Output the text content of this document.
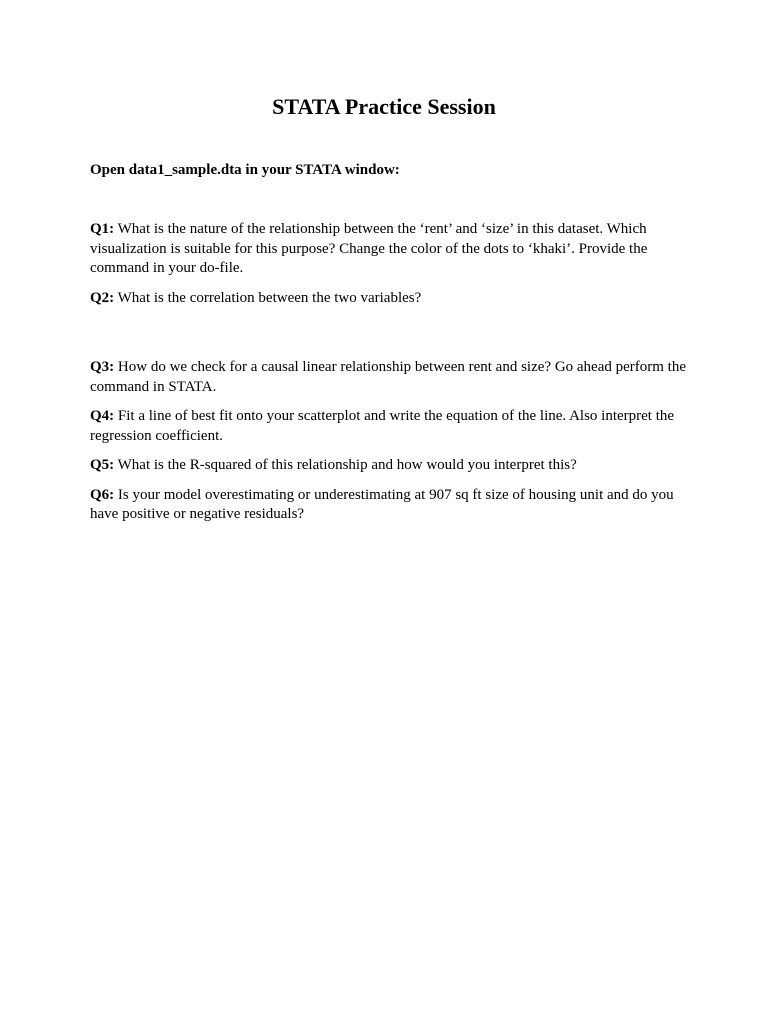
STATA Practice Session

Open data1_sample.dta in your STATA window:

Q1: What is the nature of the relationship between the ‘rent’ and ‘size’ in this dataset. Which visualization is suitable for this purpose? Change the color of the dots to ‘khaki’. Provide the command in your do-file.

Q2: What is the correlation between the two variables?

Q3: How do we check for a causal linear relationship between rent and size? Go ahead perform the command in STATA.

Q4: Fit a line of best fit onto your scatterplot and write the equation of the line. Also interpret the regression coefficient.

Q5: What is the R-squared of this relationship and how would you interpret this?

Q6: Is your model overestimating or underestimating at 907 sq ft size of housing unit and do you have positive or negative residuals?
